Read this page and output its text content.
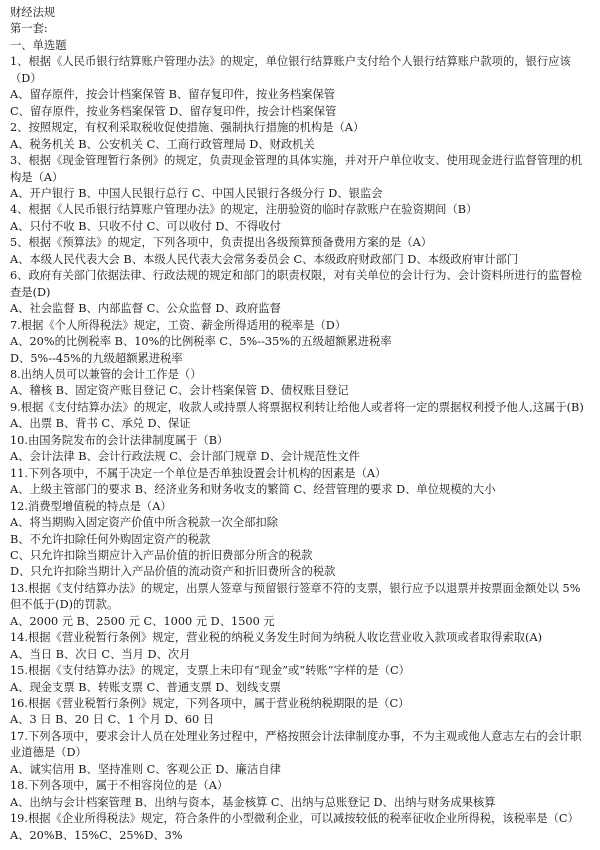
财经法规
第一套:
一、单选题
1、根据《人民币银行结算账户管理办法》的规定，单位银行结算账户支付给个人银行结算账户款项的，银行应该（D）
A、留存原件，按会计档案保管 B、留存复印件，按业务档案保管
C、留存原件，按业务档案保管 D、留存复印件，按会计档案保管
2、按照规定，有权利采取税收促使措施、强制执行措施的机构是（A）
A、税务机关 B、公安机关 C、工商行政管理局 D、财政机关
3、根据《现金管理暂行条例》的规定，负责现金管理的具体实施，并对开户单位收支、使用现金进行监督管理的机构是（A）
A、开户银行 B、中国人民银行总行 C、中国人民银行各级分行 D、银监会
4、根据《人民币银行结算账户管理办法》的规定，注册验资的临时存款账户在验资期间（B）
A、只付不收 B、只收不付 C、可以收付 D、不得收付
5、根据《预算法》的规定，下列各项中，负责提出各级预算预备费用方案的是（A）
A、本级人民代表大会 B、本级人民代表大会常务委员会 C、本级政府财政部门 D、本级政府审计部门
6、政府有关部门依据法律、行政法规的规定和部门的职责权限，对有关单位的会计行为、会计资料所进行的监督检查是(D)
A、社会监督 B、内部监督 C、公众监督 D、政府监督
7.根据《个人所得税法》规定，工资、薪金所得适用的税率是（D）
A、20%的比例税率 B、10%的比例税率 C、5%--35%的五级超额累进税率
D、5%--45%的九级超额累进税率
8.出纳人员可以兼管的会计工作是（）
A、稽核 B、固定资产账目登记 C、会计档案保管 D、债权账目登记
9.根据《支付结算办法》的规定，收款人或持票人将票据权利转让给他人或者将一定的票据权利授予他人,这属于(B)
A、出票 B、背书 C、承兑 D、保证
10.由国务院发布的会计法律制度属于（B）
A、会计法律 B、会计行政法规 C、会计部门规章 D、会计规范性文件
11.下列各项中，不属于决定一个单位是否单独设置会计机构的因素是（A）
A、上级主管部门的要求 B、经济业务和财务收支的繁简 C、经营管理的要求 D、单位规模的大小
12.消费型增值税的特点是（A）
A、将当期购入固定资产价值中所含税款一次全部扣除
B、不允许扣除任何外购固定资产的税款
C、只允许扣除当期应计入产品价值的折旧费部分所含的税款
D、只允许扣除当期计入产品价值的流动资产和折旧费所含的税款
13.根据《支付结算办法》的规定，出票人签章与预留银行签章不符的支票，银行应予以退票并按票面金额处以 5%但不低于(D)的罚款。
A、2000 元 B、2500 元 C、1000 元 D、1500 元
14.根据《营业税暂行条例》规定，营业税的纳税义务发生时间为纳税人收讫营业收入款项或者取得索取(A)
A、当日 B、次日 C、当月 D、次月
15.根据《支付结算办法》的规定，支票上未印有“现金”或“转账”字样的是（C）
A、现金支票 B、转账支票 C、普通支票 D、划线支票
16.根据《营业税暂行条例》规定，下列各项中，属于营业税纳税期限的是（C）
A、3 日 B、20 日 C、1 个月 D、60 日
17.下列各项中，要求会计人员在处理业务过程中，严格按照会计法律制度办事，不为主观或他人意志左右的会计职业道德是（D）
A、诚实信用 B、坚持准则 C、客观公正 D、廉洁自律
18.下列各项中，属于不相容岗位的是（A）
A、出纳与会计档案管理 B、出纳与资本，基金核算 C、出纳与总账登记 D、出纳与财务成果核算
19.根据《企业所得税法》规定，符合条件的小型微利企业，可以减按较低的税率征收企业所得税，该税率是（C）
A、20%B、15%C、25%D、3%
